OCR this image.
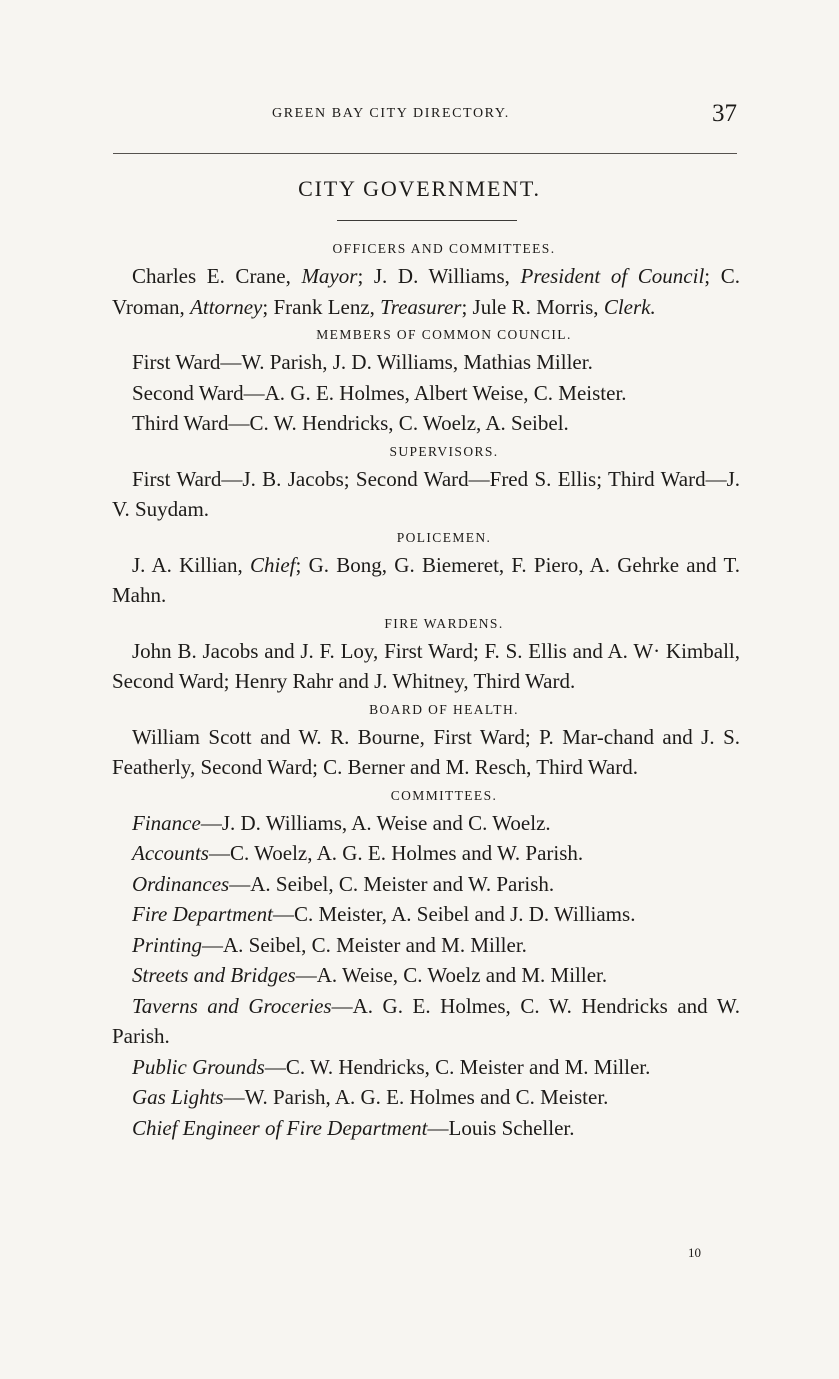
GREEN BAY CITY DIRECTORY.	37
CITY GOVERNMENT.
OFFICERS AND COMMITTEES.

Charles E. Crane, Mayor; J. D. Williams, President of Council; C. Vroman, Attorney; Frank Lenz, Treasurer; Jule R. Morris, Clerk.

MEMBERS OF COMMON COUNCIL.

First Ward—W. Parish, J. D. Williams, Mathias Miller.

Second Ward—A. G. E. Holmes, Albert Weise, C. Meister.

Third Ward—C. W. Hendricks, C. Woelz, A. Seibel.

SUPERVISORS.

First Ward—J. B. Jacobs; Second Ward—Fred S. Ellis; Third Ward—J. V. Suydam.

POLICEMEN.

J. A. Killian, Chief; G. Bong, G. Biemeret, F. Piero, A. Gehrke and T. Mahn.

FIRE WARDENS.

John B. Jacobs and J. F. Loy, First Ward; F. S. Ellis and A. W· Kimball, Second Ward; Henry Rahr and J. Whitney, Third Ward.

BOARD OF HEALTH.

William Scott and W. R. Bourne, First Ward; P. Mar-chand and J. S. Featherly, Second Ward; C. Berner and M. Resch, Third Ward.

COMMITTEES.

Finance—J. D. Williams, A. Weise and C. Woelz.

Accounts—C. Woelz, A. G. E. Holmes and W. Parish.

Ordinances—A. Seibel, C. Meister and W. Parish.

Fire Department—C. Meister, A. Seibel and J. D. Williams.

Printing—A. Seibel, C. Meister and M. Miller.

Streets and Bridges—A. Weise, C. Woelz and M. Miller.

Taverns and Groceries—A. G. E. Holmes, C. W. Hendricks and W. Parish.

Public Grounds—C. W. Hendricks, C. Meister and M. Miller.

Gas Lights—W. Parish, A. G. E. Holmes and C. Meister.

Chief Engineer of Fire Department—Louis Scheller.

10
